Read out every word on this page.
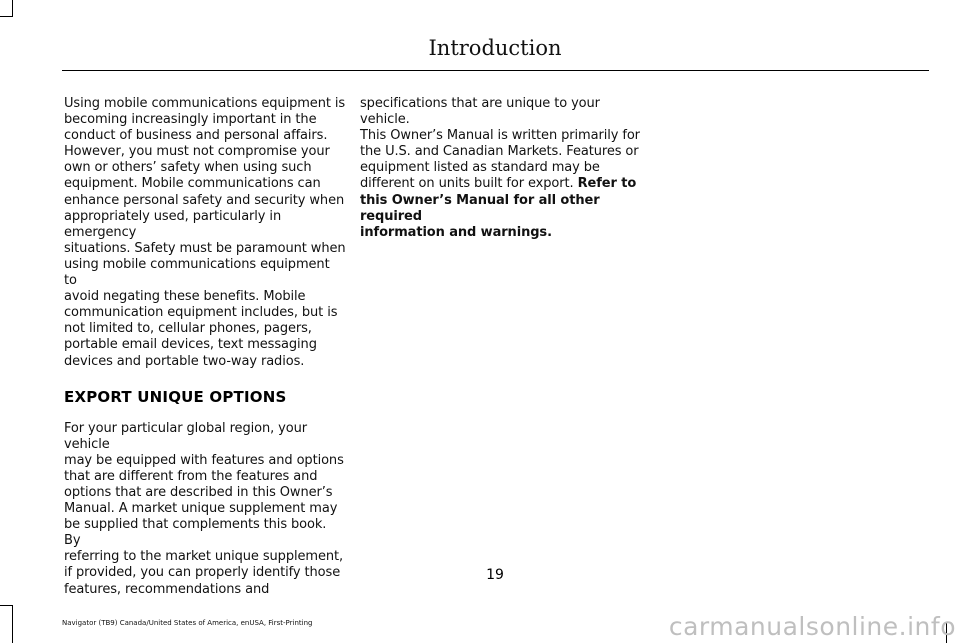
Introduction

Using mobile communications equipment is
becoming increasingly important in the
conduct of business and personal affairs.
However, you must not compromise your
own or others’ safety when using such
equipment. Mobile communications can
enhance personal safety and security when
appropriately used, particularly in emergency
situations. Safety must be paramount when
using mobile communications equipment to
avoid negating these benefits. Mobile
communication equipment includes, but is
not limited to, cellular phones, pagers,
portable email devices, text messaging
devices and portable two-way radios.

EXPORT UNIQUE OPTIONS

For your particular global region, your vehicle
may be equipped with features and options
that are different from the features and
options that are described in this Owner’s
Manual. A market unique supplement may
be supplied that complements this book. By
referring to the market unique supplement,
if provided, you can properly identify those
features, recommendations and

specifications that are unique to your vehicle.
This Owner’s Manual is written primarily for
the U.S. and Canadian Markets. Features or
equipment listed as standard may be
different on units built for export. Refer to
this Owner’s Manual for all other required
information and warnings.

19
Navigator (TB9) Canada/United States of America, enUSA, First-Printing	carmanualsonline.info
